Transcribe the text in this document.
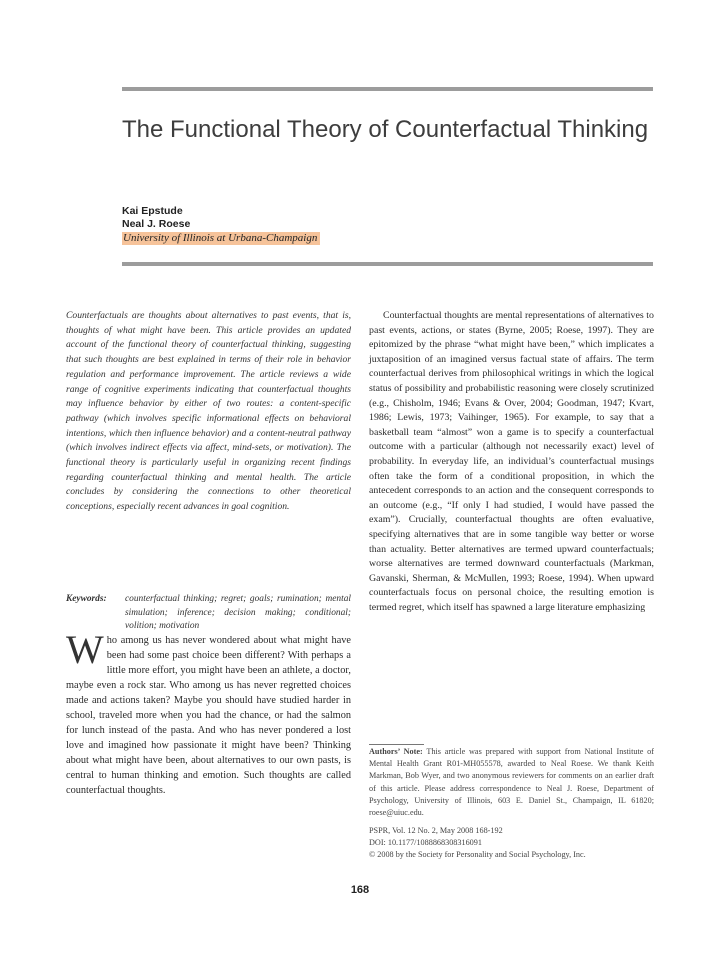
The Functional Theory of Counterfactual Thinking
Kai Epstude
Neal J. Roese
University of Illinois at Urbana-Champaign

Counterfactuals are thoughts about alternatives to past events, that is, thoughts of what might have been. This article provides an updated account of the functional theory of counterfactual thinking, suggesting that such thoughts are best explained in terms of their role in behavior regulation and performance improvement. The article reviews a wide range of cognitive experiments indicating that counterfactual thoughts may influence behavior by either of two routes: a content-specific pathway (which involves specific informational effects on behavioral intentions, which then influence behavior) and a content-neutral pathway (which involves indirect effects via affect, mind-sets, or motivation). The functional theory is particularly useful in organizing recent findings regarding counterfactual thinking and mental health. The article concludes by considering the connections to other theoretical conceptions, especially recent advances in goal cognition.

Keywords: counterfactual thinking; regret; goals; rumination; mental simulation; inference; decision making; conditional; volition; motivation

Who among us has never wondered about what might have been had some past choice been different? With perhaps a little more effort, you might have been an athlete, a doctor, maybe even a rock star. Who among us has never regretted choices made and actions taken? Maybe you should have studied harder in school, traveled more when you had the chance, or had the salmon for lunch instead of the pasta. And who has never pondered a lost love and imagined how passionate it might have been? Thinking about what might have been, about alternatives to our own pasts, is central to human thinking and emotion. Such thoughts are called counterfactual thoughts.

Counterfactual thoughts are mental representations of alternatives to past events, actions, or states (Byrne, 2005; Roese, 1997). They are epitomized by the phrase “what might have been,” which implicates a juxtaposition of an imagined versus factual state of affairs. The term counterfactual derives from philosophical writings in which the logical status of possibility and probabilistic reasoning were closely scrutinized (e.g., Chisholm, 1946; Evans & Over, 2004; Goodman, 1947; Kvart, 1986; Lewis, 1973; Vaihinger, 1965). For example, to say that a basketball team “almost” won a game is to specify a counterfactual outcome with a particular (although not necessarily exact) level of probability. In everyday life, an individual’s counterfactual musings often take the form of a conditional proposition, in which the antecedent corresponds to an action and the consequent corresponds to an outcome (e.g., “If only I had studied, I would have passed the exam”). Crucially, counterfactual thoughts are often evaluative, specifying alternatives that are in some tangible way better or worse than actuality. Better alternatives are termed upward counterfactuals; worse alternatives are termed downward counterfactuals (Markman, Gavanski, Sherman, & McMullen, 1993; Roese, 1994). When upward counterfactuals focus on personal choice, the resulting emotion is termed regret, which itself has spawned a large literature emphasizing

Authors’ Note: This article was prepared with support from National Institute of Mental Health Grant R01-MH055578, awarded to Neal Roese. We thank Keith Markman, Bob Wyer, and two anonymous reviewers for comments on an earlier draft of this article. Please address correspondence to Neal J. Roese, Department of Psychology, University of Illinois, 603 E. Daniel St., Champaign, IL 61820; roese@uiuc.edu.

PSPR, Vol. 12 No. 2, May 2008 168-192
DOI: 10.1177/1088868308316091
© 2008 by the Society for Personality and Social Psychology, Inc.
168
